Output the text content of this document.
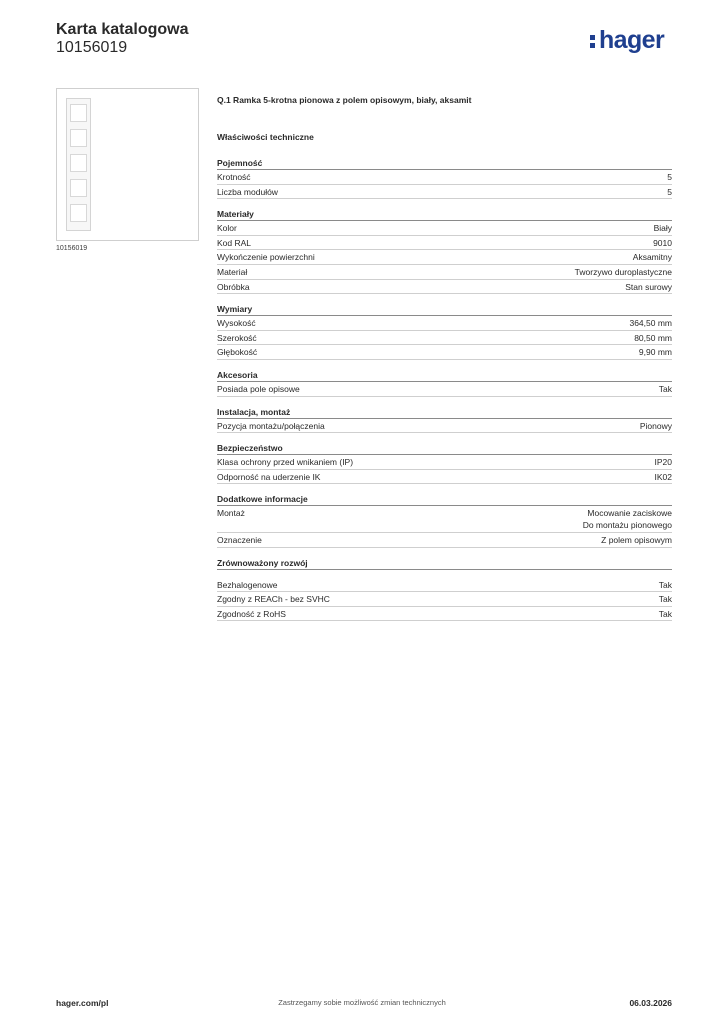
Karta katalogowa
10156019	hager
10156019
Q.1 Ramka 5-krotna pionowa z polem opisowym, biały, aksamit
Właściwości techniczne
Pojemność
Krotność	5
Liczba modułów	5
Materiały
Kolor	Biały
Kod RAL	9010
Wykończenie powierzchni	Aksamitny
Materiał	Tworzywo duroplastyczne
Obróbka	Stan surowy
Wymiary
Wysokość	364,50 mm
Szerokość	80,50 mm
Głębokość	9,90 mm
Akcesoria
Posiada pole opisowe	Tak
Instalacja, montaż
Pozycja montażu/połączenia	Pionowy
Bezpieczeństwo
Klasa ochrony przed wnikaniem (IP)	IP20
Odporność na uderzenie IK	IK02
Dodatkowe informacje
Montaż	Mocowanie zaciskowe
Do montażu pionowego
Oznaczenie	Z polem opisowym
Zrównoważony rozwój
Bezhalogenowe	Tak
Zgodny z REACh - bez SVHC	Tak
Zgodność z RoHS	Tak
hager.com/pl	Zastrzegamy sobie możliwość zmian technicznych	06.03.2026
